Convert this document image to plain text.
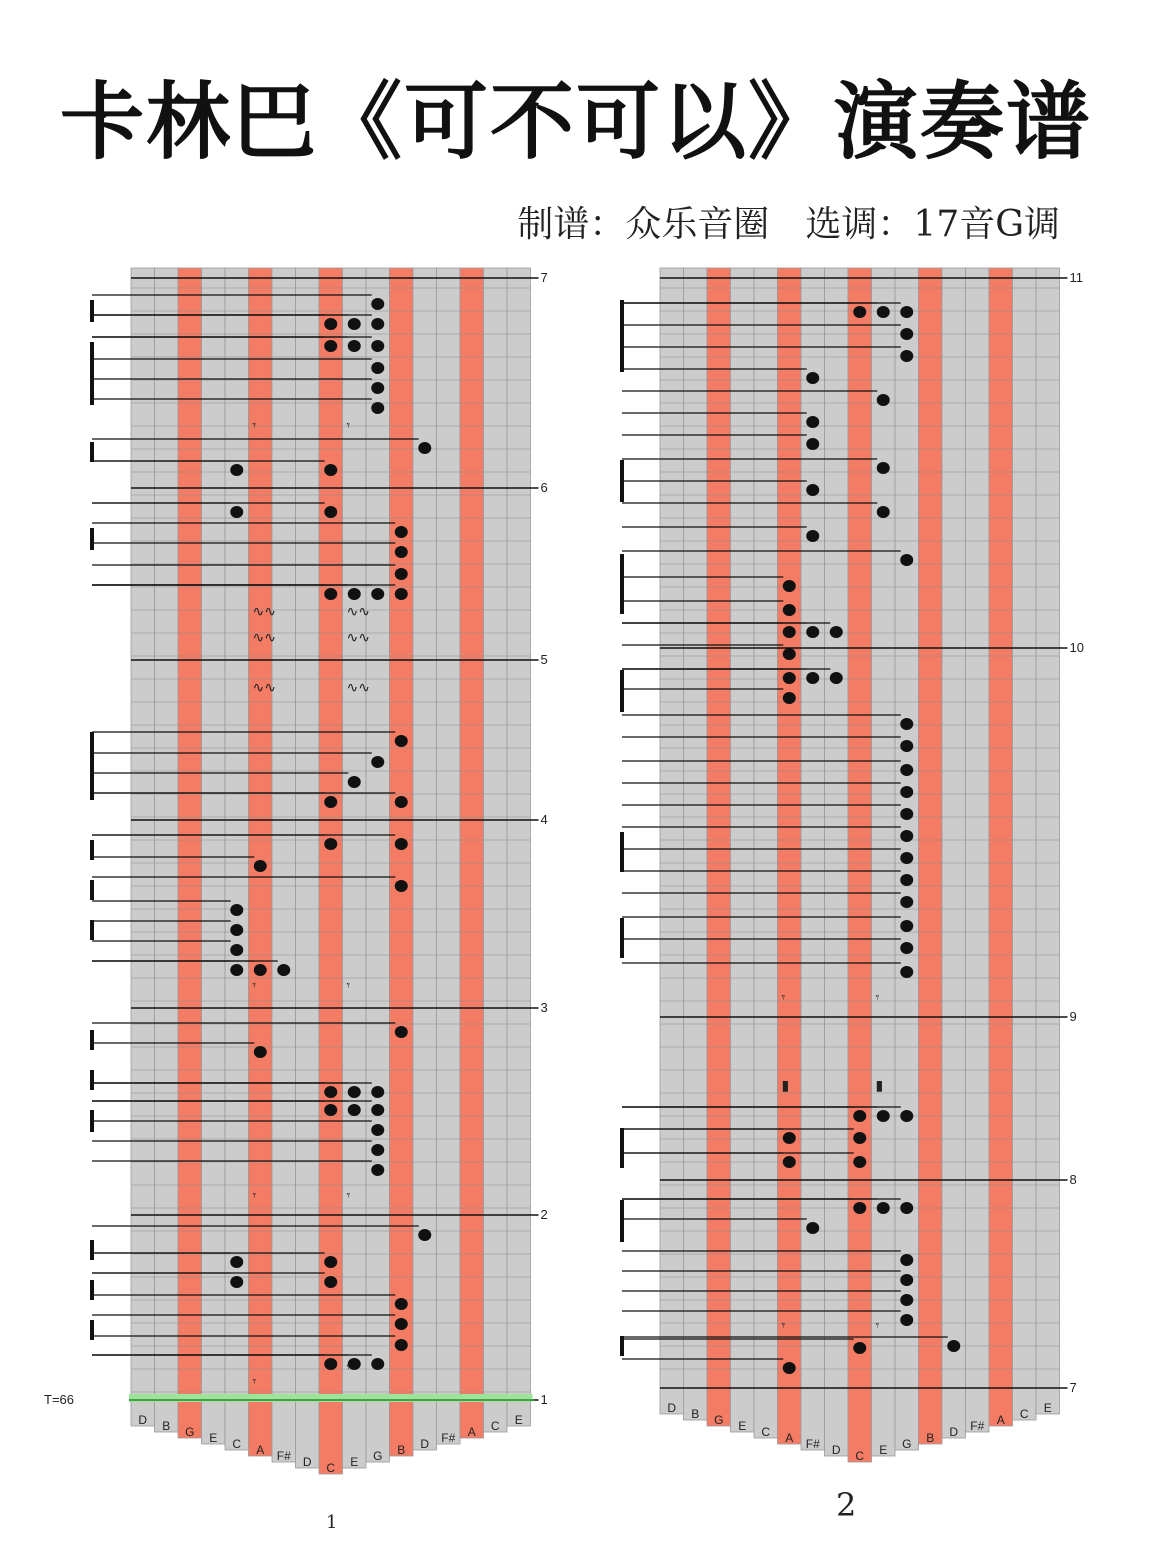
卡林巴《可不可以》演奏谱
制谱：众乐音圈　选调：17音G调
D B G E C A F# D C E G B D F# A C E
1
2
3
4
5
6
7
𝄾
𝄾
𝄾	𝄾
𝄾	𝄾
∿∿	∿∿
∿∿	∿∿
∿∿	∿∿
𝄾	𝄾
D B G E C A F# D C E G B D F# A C E
7
8
9
10
11
𝄾	𝄾
▮	▮
𝄾	𝄾
T=66
1	2
